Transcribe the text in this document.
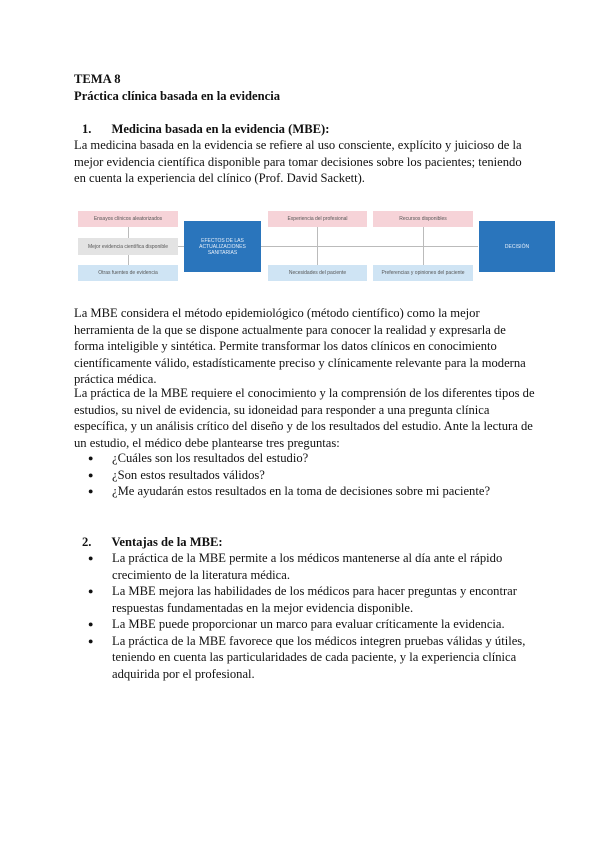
TEMA 8
Práctica clínica basada en la evidencia
1. Medicina basada en la evidencia (MBE):

La medicina basada en la evidencia se refiere al uso consciente, explícito y juicioso de la mejor evidencia científica disponible para tomar decisiones sobre los pacientes; teniendo en cuenta la experiencia del clínico (Prof. David Sackett).

Ensayos clínicos aleatorizados
Mejor evidencia científica disponible
Otras fuentes de evidencia
EFECTOS DE LAS ACTUALIZACIONES SANITARIAS
Experiencia del profesional
Necesidades del paciente
Recursos disponibles
Preferencias y opiniones del paciente
DECISIÓN

La MBE considera el método epidemiológico (método científico) como la mejor herramienta de la que se dispone actualmente para conocer la realidad y expresarla de forma inteligible y sintética. Permite transformar los datos clínicos en conocimiento científicamente válido, estadísticamente preciso y clínicamente relevante para la moderna práctica médica.

La práctica de la MBE requiere el conocimiento y la comprensión de los diferentes tipos de estudios, su nivel de evidencia, su idoneidad para responder a una pregunta clínica específica, y un análisis crítico del diseño y de los resultados del estudio. Ante la lectura de un estudio, el médico debe plantearse tres preguntas:

● ¿Cuáles son los resultados del estudio?
● ¿Son estos resultados válidos?
● ¿Me ayudarán estos resultados en la toma de decisiones sobre mi paciente?
2. Ventajas de la MBE:
● La práctica de la MBE permite a los médicos mantenerse al día ante el rápido crecimiento de la literatura médica.
● La MBE mejora las habilidades de los médicos para hacer preguntas y encontrar respuestas fundamentadas en la mejor evidencia disponible.
● La MBE puede proporcionar un marco para evaluar críticamente la evidencia.
● La práctica de la MBE favorece que los médicos integren pruebas válidas y útiles, teniendo en cuenta las particularidades de cada paciente, y la experiencia clínica adquirida por el profesional.
